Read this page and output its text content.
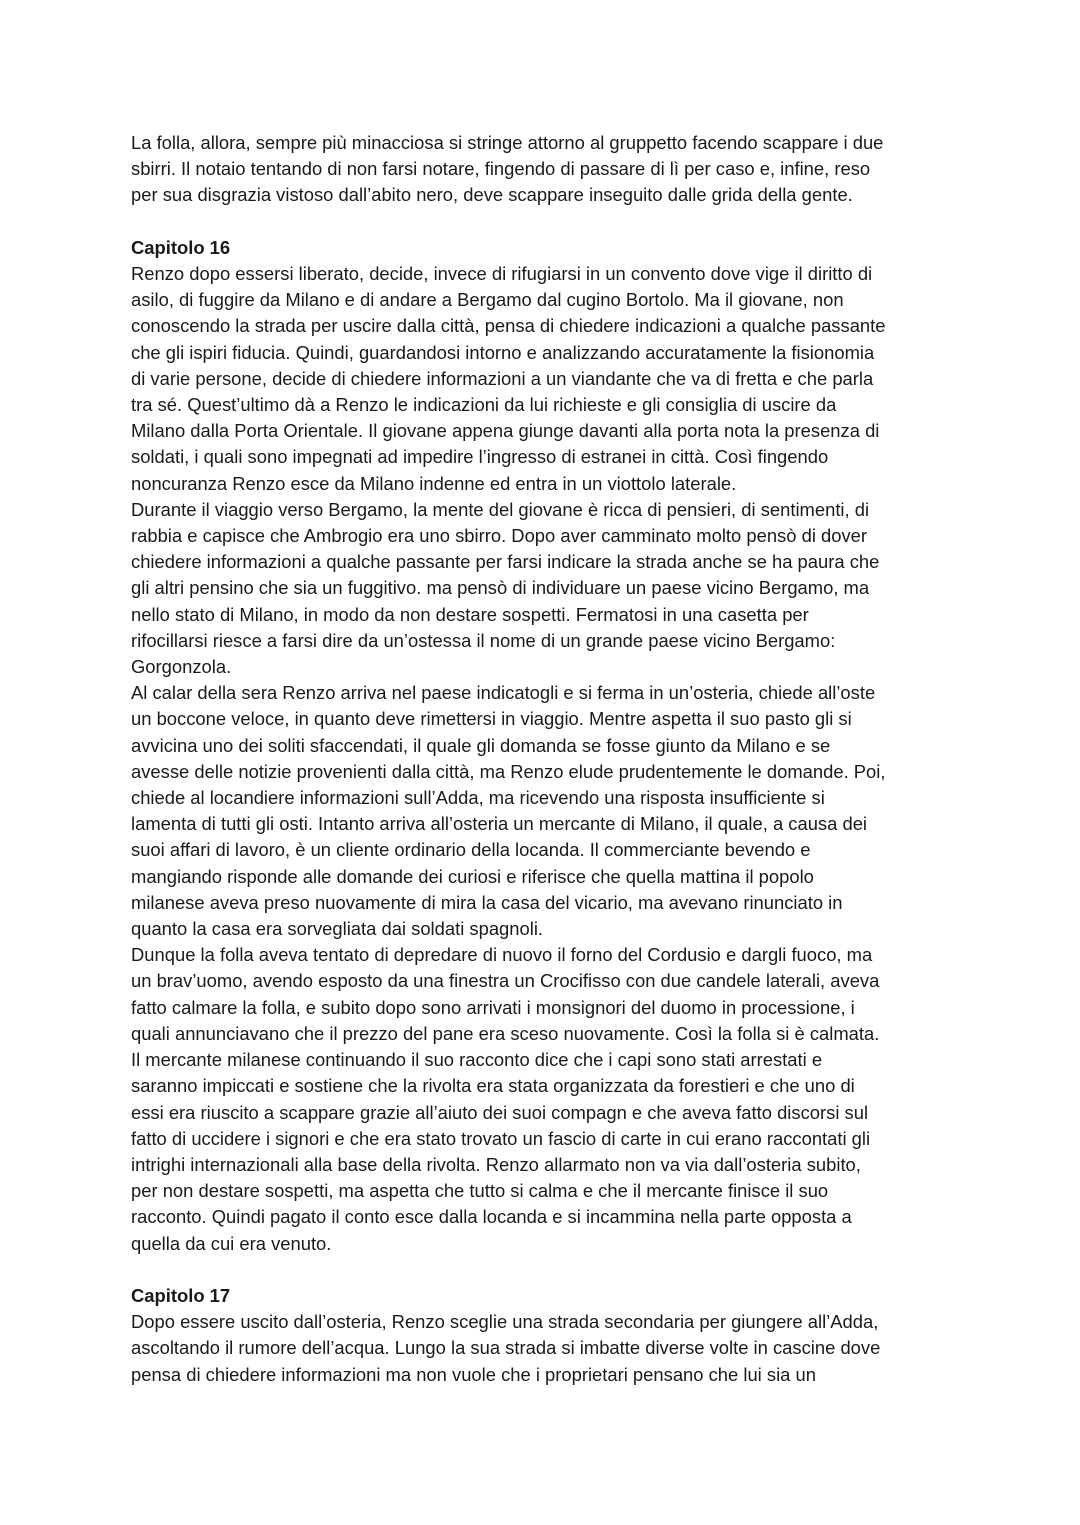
La folla, allora, sempre più minacciosa si stringe attorno al gruppetto facendo scappare i due
sbirri. Il notaio tentando di non farsi notare, fingendo di passare di lì per caso e, infine, reso
per sua disgrazia vistoso dall’abito nero, deve scappare inseguito dalle grida della gente.
Capitolo 16
Renzo dopo essersi liberato, decide, invece di rifugiarsi in un convento dove vige il diritto di
asilo, di fuggire da Milano e di andare a Bergamo dal cugino Bortolo. Ma il giovane, non
conoscendo la strada per uscire dalla città, pensa di chiedere indicazioni a qualche passante
che gli ispiri fiducia. Quindi, guardandosi intorno e analizzando accuratamente la fisionomia
di varie persone, decide di chiedere informazioni a un viandante che va di fretta e che parla
tra sé. Quest’ultimo dà a Renzo le indicazioni da lui richieste e gli consiglia di uscire da
Milano dalla Porta Orientale. Il giovane appena giunge davanti alla porta nota la presenza di
soldati, i quali sono impegnati ad impedire l’ingresso di estranei in città. Così fingendo
noncuranza Renzo esce da Milano indenne ed entra in un viottolo laterale.
Durante il viaggio verso Bergamo, la mente del giovane è ricca di pensieri, di sentimenti, di
rabbia e capisce che Ambrogio era uno sbirro. Dopo aver camminato molto pensò di dover
chiedere informazioni a qualche passante per farsi indicare la strada anche se ha paura che
gli altri pensino che sia un fuggitivo. ma pensò di individuare un paese vicino Bergamo, ma
nello stato di Milano, in modo da non destare sospetti. Fermatosi in una casetta per
rifocillarsi riesce a farsi dire da un’ostessa il nome di un grande paese vicino Bergamo:
Gorgonzola.
Al calar della sera Renzo arriva nel paese indicatogli e si ferma in un’osteria, chiede all’oste
un boccone veloce, in quanto deve rimettersi in viaggio. Mentre aspetta il suo pasto gli si
avvicina uno dei soliti sfaccendati, il quale gli domanda se fosse giunto da Milano e se
avesse delle notizie provenienti dalla città, ma Renzo elude prudentemente le domande. Poi,
chiede al locandiere informazioni sull’Adda, ma ricevendo una risposta insufficiente si
lamenta di tutti gli osti. Intanto arriva all’osteria un mercante di Milano, il quale, a causa dei
suoi affari di lavoro, è un cliente ordinario della locanda. Il commerciante bevendo e
mangiando risponde alle domande dei curiosi e riferisce che quella mattina il popolo
milanese aveva preso nuovamente di mira la casa del vicario, ma avevano rinunciato in
quanto la casa era sorvegliata dai soldati spagnoli.
Dunque la folla aveva tentato di depredare di nuovo il forno del Cordusio e dargli fuoco, ma
un brav’uomo, avendo esposto da una finestra un Crocifisso con due candele laterali, aveva
fatto calmare la folla, e subito dopo sono arrivati i monsignori del duomo in processione, i
quali annunciavano che il prezzo del pane era sceso nuovamente. Così la folla si è calmata.
Il mercante milanese continuando il suo racconto dice che i capi sono stati arrestati e
saranno impiccati e sostiene che la rivolta era stata organizzata da forestieri e che uno di
essi era riuscito a scappare grazie all’aiuto dei suoi compagn e che aveva fatto discorsi sul
fatto di uccidere i signori e che era stato trovato un fascio di carte in cui erano raccontati gli
intrighi internazionali alla base della rivolta. Renzo allarmato non va via dall’osteria subito,
per non destare sospetti, ma aspetta che tutto si calma e che il mercante finisce il suo
racconto. Quindi pagato il conto esce dalla locanda e si incammina nella parte opposta a
quella da cui era venuto.
Capitolo 17
Dopo essere uscito dall’osteria, Renzo sceglie una strada secondaria per giungere all’Adda,
ascoltando il rumore dell’acqua. Lungo la sua strada si imbatte diverse volte in cascine dove
pensa di chiedere informazioni ma non vuole che i proprietari pensano che lui sia un
